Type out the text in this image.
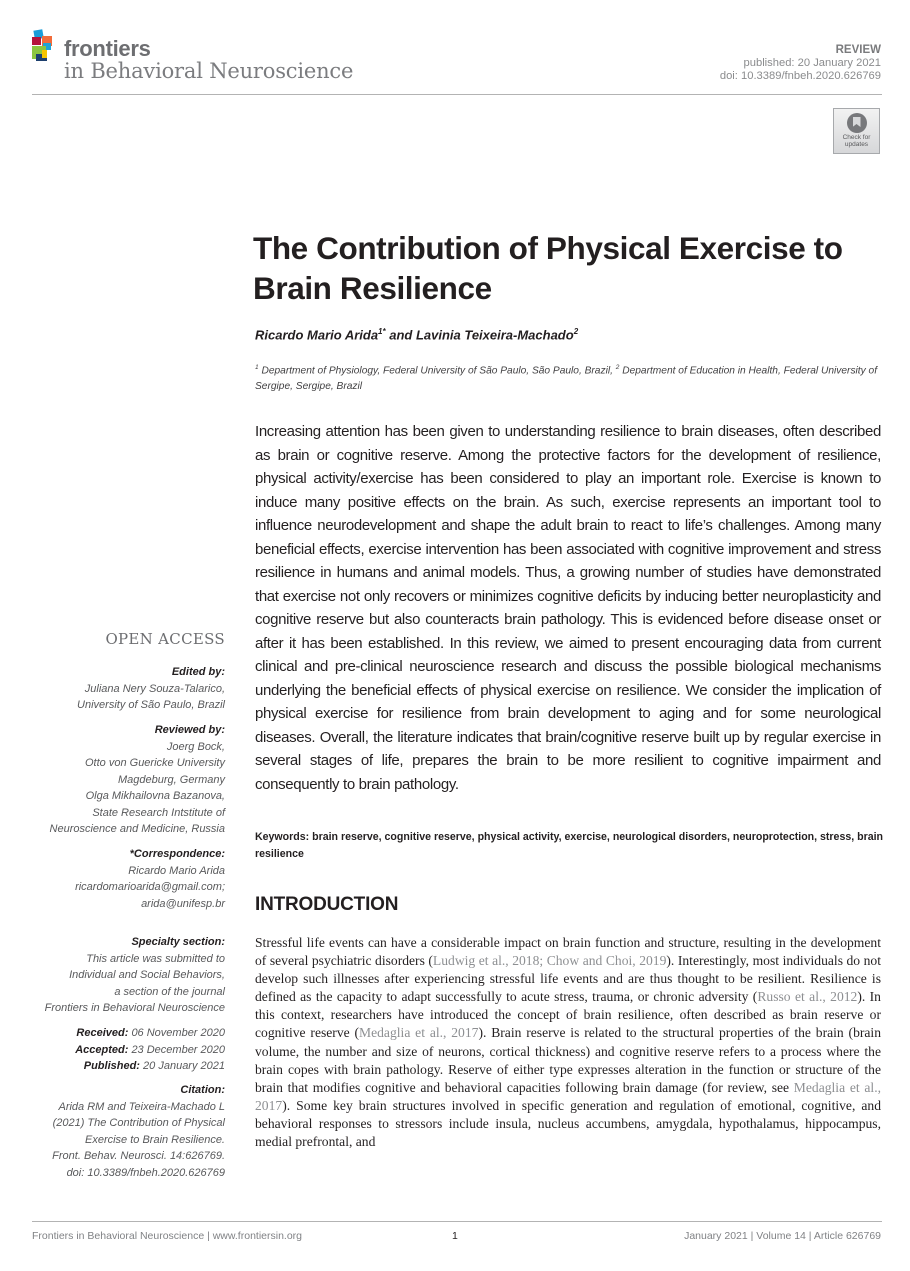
frontiers
in Behavioral Neuroscience
REVIEW
published: 20 January 2021
doi: 10.3389/fnbeh.2020.626769
Check for
updates
The Contribution of Physical Exercise to Brain Resilience
Ricardo Mario Arida$^{1*}$ and Lavinia Teixeira-Machado$^2$
$^1$ Department of Physiology, Federal University of São Paulo, São Paulo, Brazil, $^2$ Department of Education in Health, Federal University of Sergipe, Sergipe, Brazil
Increasing attention has been given to understanding resilience to brain diseases, often described as brain or cognitive reserve. Among the protective factors for the development of resilience, physical activity/exercise has been considered to play an important role. Exercise is known to induce many positive effects on the brain. As such, exercise represents an important tool to influence neurodevelopment and shape the adult brain to react to life’s challenges. Among many beneficial effects, exercise intervention has been associated with cognitive improvement and stress resilience in humans and animal models. Thus, a growing number of studies have demonstrated that exercise not only recovers or minimizes cognitive deficits by inducing better neuroplasticity and cognitive reserve but also counteracts brain pathology. This is evidenced before disease onset or after it has been established. In this review, we aimed to present encouraging data from current clinical and pre-clinical neuroscience research and discuss the possible biological mechanisms underlying the beneficial effects of physical exercise on resilience. We consider the implication of physical exercise for resilience from brain development to aging and for some neurological diseases. Overall, the literature indicates that brain/cognitive reserve built up by regular exercise in several stages of life, prepares the brain to be more resilient to cognitive impairment and consequently to brain pathology.
Keywords: brain reserve, cognitive reserve, physical activity, exercise, neurological disorders, neuroprotection, stress, brain resilience
INTRODUCTION
Stressful life events can have a considerable impact on brain function and structure, resulting in the development of several psychiatric disorders (Ludwig et al., 2018; Chow and Choi, 2019). Interestingly, most individuals do not develop such illnesses after experiencing stressful life events and are thus thought to be resilient. Resilience is defined as the capacity to adapt successfully to acute stress, trauma, or chronic adversity (Russo et al., 2012). In this context, researchers have introduced the concept of brain resilience, often described as brain reserve or cognitive reserve (Medaglia et al., 2017). Brain reserve is related to the structural properties of the brain (brain volume, the number and size of neurons, cortical thickness) and cognitive reserve refers to a process where the brain copes with brain pathology. Reserve of either type expresses alteration in the function or structure of the brain that modifies cognitive and behavioral capacities following brain damage (for review, see Medaglia et al., 2017). Some key brain structures involved in specific generation and regulation of emotional, cognitive, and behavioral responses to stressors include insula, nucleus accumbens, amygdala, hypothalamus, hippocampus, medial prefrontal, and
OPEN ACCESS
Edited by:
Juliana Nery Souza-Talarico,
University of São Paulo, Brazil
Reviewed by:
Joerg Bock,
Otto von Guericke University
Magdeburg, Germany
Olga Mikhailovna Bazanova,
State Research Intstitute of
Neuroscience and Medicine, Russia
*Correspondence:
Ricardo Mario Arida
ricardomarioarida@gmail.com;
arida@unifesp.br
Specialty section:
This article was submitted to
Individual and Social Behaviors,
a section of the journal
Frontiers in Behavioral Neuroscience
Received: 06 November 2020
Accepted: 23 December 2020
Published: 20 January 2021
Citation:
Arida RM and Teixeira-Machado L
(2021) The Contribution of Physical
Exercise to Brain Resilience.
Front. Behav. Neurosci. 14:626769.
doi: 10.3389/fnbeh.2020.626769
Frontiers in Behavioral Neuroscience | www.frontiersin.org	1	January 2021 | Volume 14 | Article 626769
